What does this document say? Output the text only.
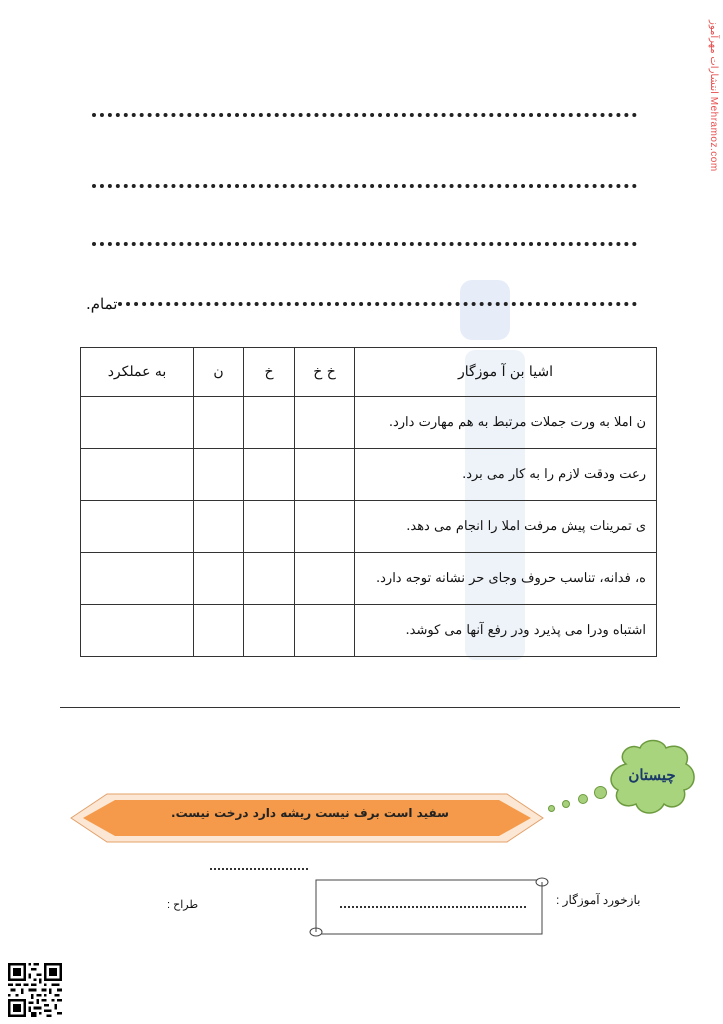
انتشارات مهرآموز Mehramoz.com
تمام.
به عملکرد	ن	خ	خ خ	اشیا بن آ موزگار
				ن املا به ورت جملات مرتبط به هم مهارت دارد.
				رعت ودقت لازم را به کار می برد.
				ی تمرینات پیش مرفت املا را انجام می دهد.
				ه، فدانه، تناسب حروف وجای حر نشانه توجه دارد.
				اشتباه ودرا می پذیرد ودر رفع آنها می کوشد.
چیستان
سفید است برف نیست ریشه دارد درخت نیست.
بازخورد آموزگار :
طراح :
